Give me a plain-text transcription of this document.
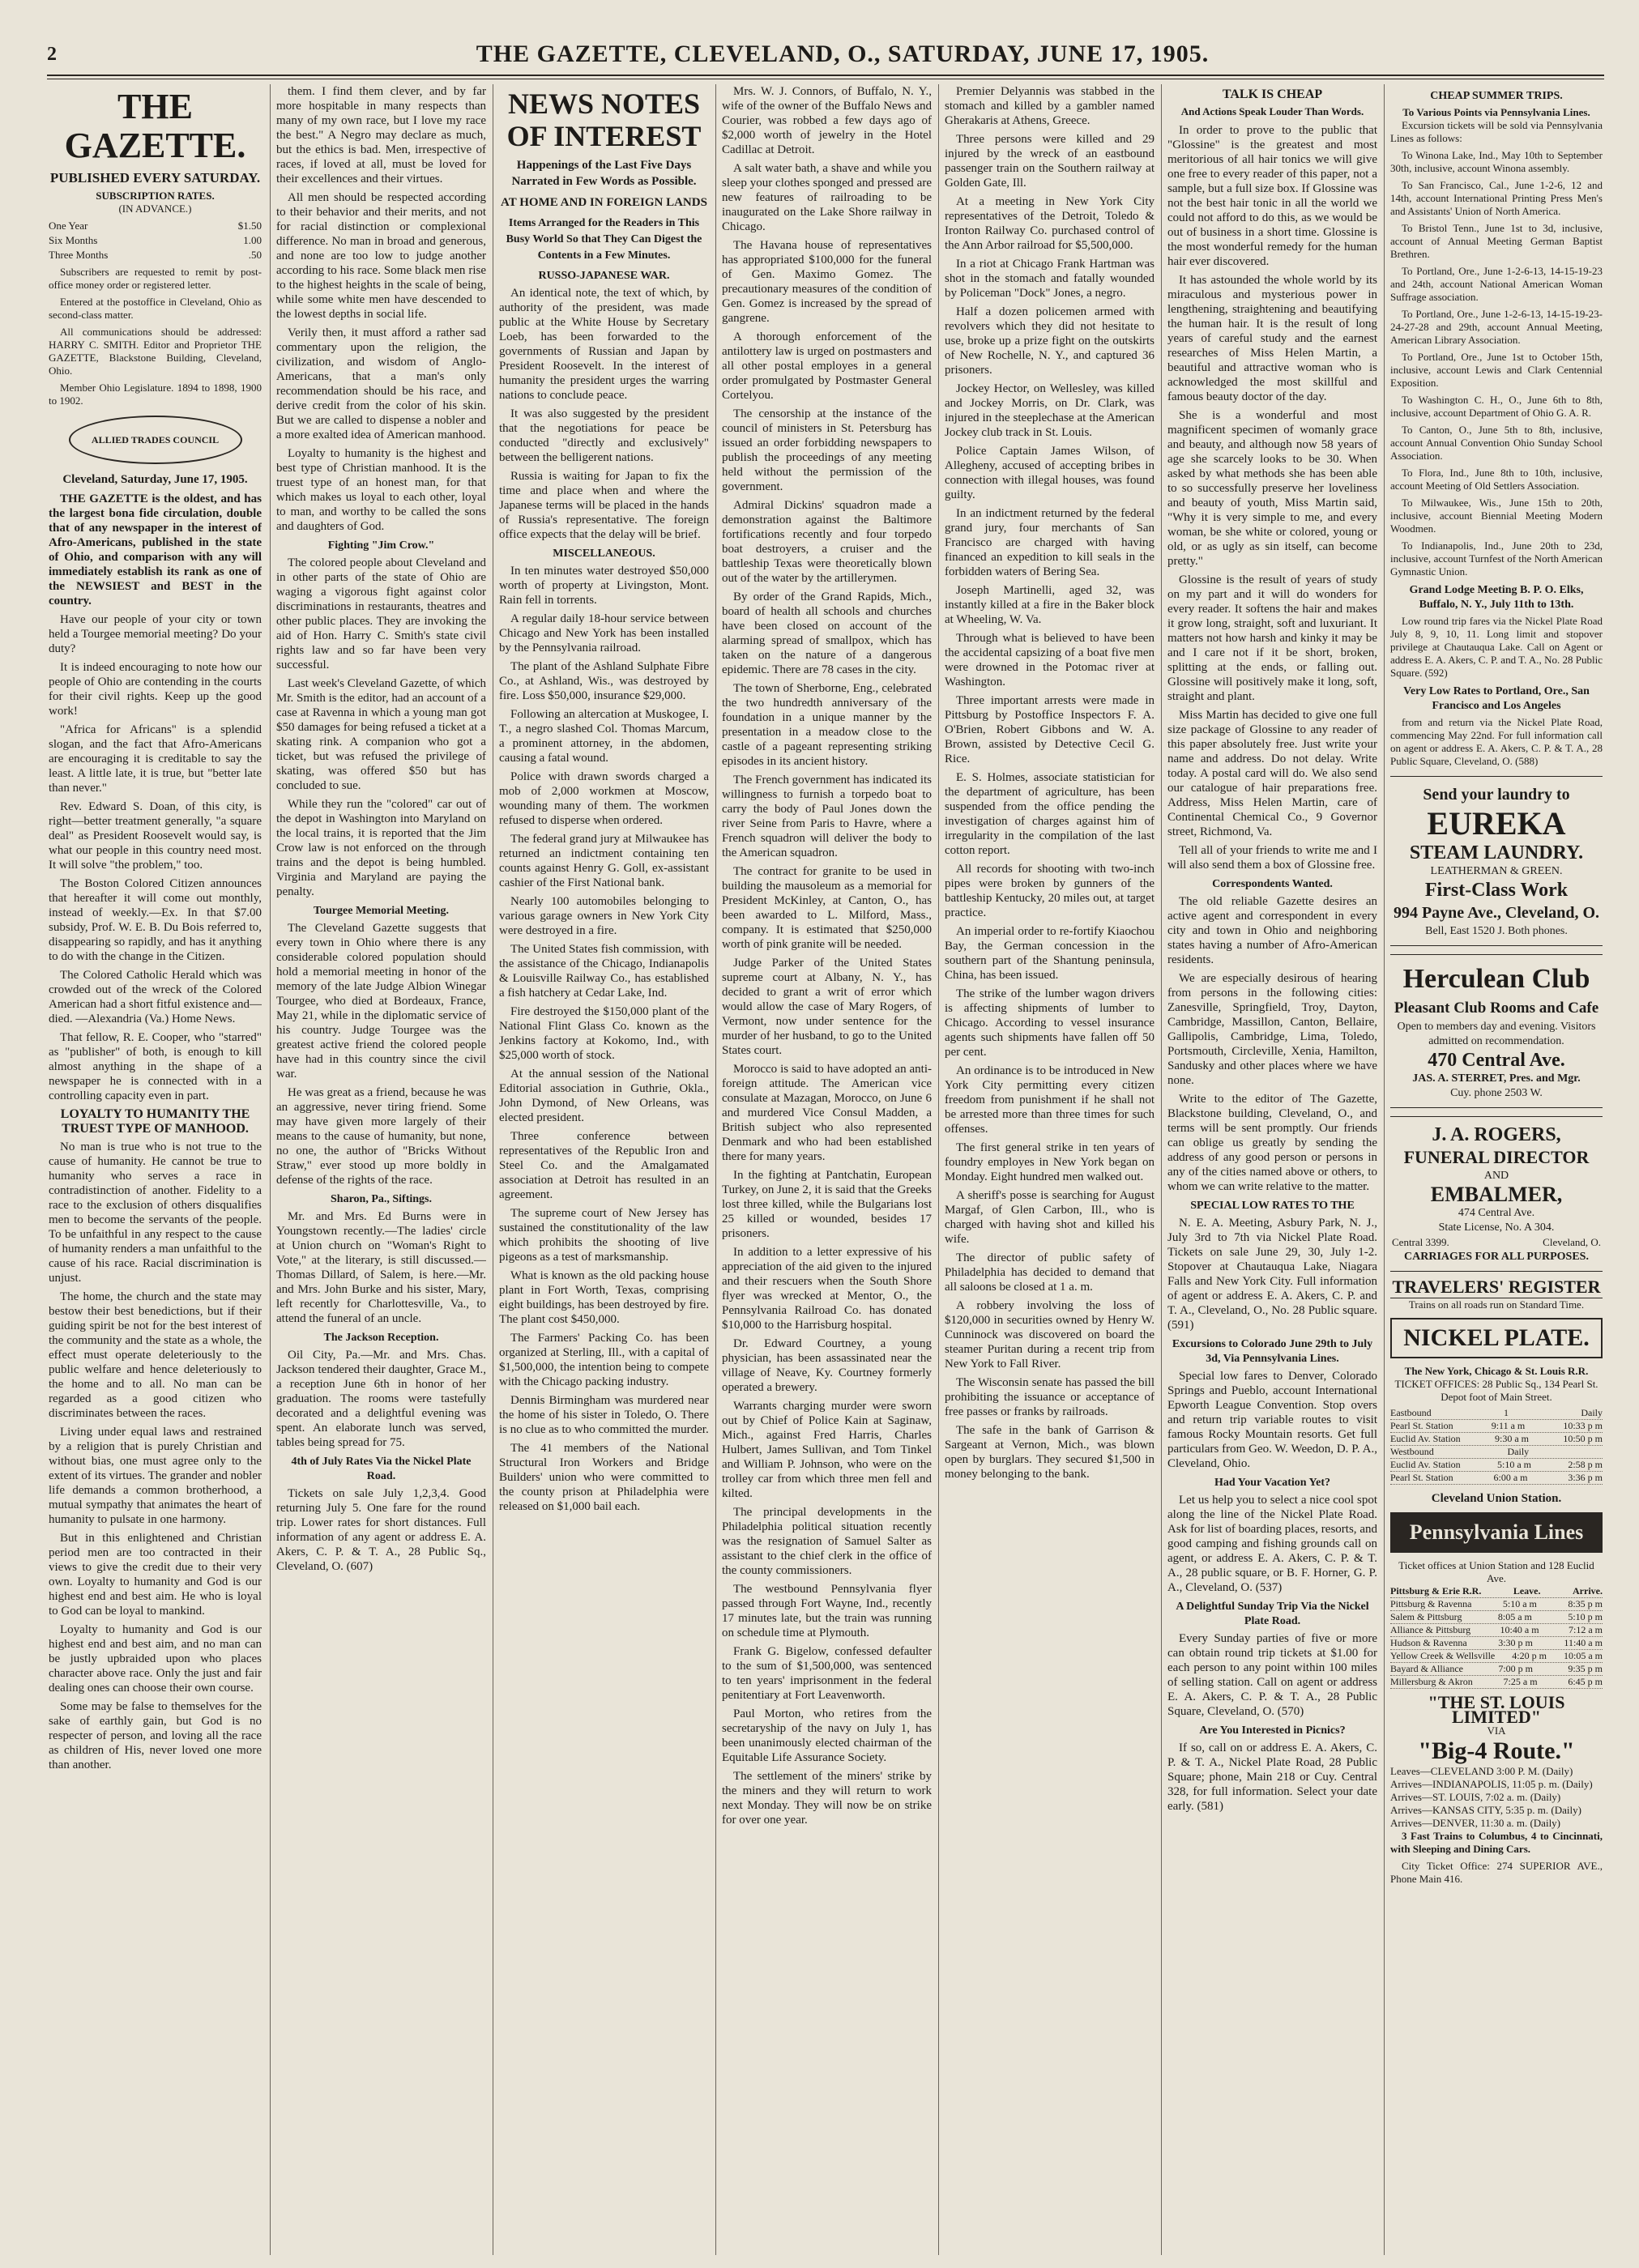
2	THE GAZETTE, CLEVELAND, O., SATURDAY, JUNE 17, 1905.
THE GAZETTE.
PUBLISHED EVERY SATURDAY.
SUBSCRIPTION RATES.
(IN ADVANCE.)
One Year	$1.50
Six Months	1.00
Three Months	.50

Subscribers are requested to remit by post-office money order or registered letter.

Entered at the postoffice in Cleveland, Ohio as second-class matter.

All communications should be addressed: HARRY C. SMITH. Editor and Proprietor THE GAZETTE, Blackstone Building, Cleveland, Ohio.

Member Ohio Legislature. 1894 to 1898, 1900 to 1902.

ALLIED TRADES COUNCIL
Cleveland, Saturday, June 17, 1905.

THE GAZETTE is the oldest, and has the largest bona fide circulation, double that of any newspaper in the interest of Afro-Americans, published in the state of Ohio, and comparison with any will immediately establish its rank as one of the NEWSIEST and BEST in the country.

Have our people of your city or town held a Tourgee memorial meeting? Do your duty?

It is indeed encouraging to note how our people of Ohio are contending in the courts for their civil rights. Keep up the good work!

"Africa for Africans" is a splendid slogan, and the fact that Afro-Americans are encouraging it is creditable to say the least. A little late, it is true, but "better late than never."

Rev. Edward S. Doan, of this city, is right—better treatment generally, "a square deal" as President Roosevelt would say, is what our people in this country need most. It will solve "the problem," too.

The Boston Colored Citizen announces that hereafter it will come out monthly, instead of weekly.—Ex. In that $7.00 subsidy, Prof. W. E. B. Du Bois referred to, disappearing so rapidly, and has it anything to do with the change in the Citizen.

The Colored Catholic Herald which was crowded out of the wreck of the Colored American had a short fitful existence and—died. —Alexandria (Va.) Home News.

That fellow, R. E. Cooper, who "starred" as "publisher" of both, is enough to kill almost anything in the shape of a newspaper he is connected with in a controlling capacity even in part.

LOYALTY TO HUMANITY THE TRUEST TYPE OF MANHOOD.

No man is true who is not true to the cause of humanity. He cannot be true to humanity who serves a race in contradistinction of another. Fidelity to a race to the exclusion of others disqualifies men to become the servants of the people. To be unfaithful in any respect to the cause of humanity renders a man unfaithful to the cause of his race. Racial discrimination is unjust.

The home, the church and the state may bestow their best benedictions, but if their guiding spirit be not for the best interest of the community and the state as a whole, the effect must operate deleteriously to the public welfare and hence deleteriously to the home and to all. No man can be regarded as a good citizen who discriminates between the races.

Living under equal laws and restrained by a religion that is purely Christian and without bias, one must agree only to the extent of its virtues. The grander and nobler life demands a common brotherhood, a mutual sympathy that animates the heart of humanity to pulsate in one harmony.

But in this enlightened and Christian period men are too contracted in their views to give the credit due to their very own. Loyalty to humanity and God is our highest end and best aim. He who is loyal to God can be loyal to mankind.

Loyalty to humanity and God is our highest end and best aim, and no man can be justly upbraided upon who places character above race. Only the just and fair dealing ones can choose their own course.

Some may be false to themselves for the sake of earthly gain, but God is no respecter of person, and loving all the race as children of His, never loved one more than another.

them. I find them clever, and by far more hospitable in many respects than many of my own race, but I love my race the best." A Negro may declare as much, but the ethics is bad. Men, irrespective of races, if loved at all, must be loved for their excellences and their virtues.

All men should be respected according to their behavior and their merits, and not for racial distinction or complexional difference. No man in broad and generous, and none are too low to judge another according to his race. Some black men rise to the highest heights in the scale of being, while some white men have descended to the lowest depths in social life.

Verily then, it must afford a rather sad commentary upon the religion, the civilization, and wisdom of Anglo-Americans, that a man's only recommendation should be his race, and derive credit from the color of his skin. But we are called to dispense a nobler and a more exalted idea of American manhood.

Loyalty to humanity is the highest and best type of Christian manhood. It is the truest type of an honest man, for that which makes us loyal to each other, loyal to man, and worthy to be called the sons and daughters of God.

Fighting "Jim Crow."

The colored people about Cleveland and in other parts of the state of Ohio are waging a vigorous fight against color discriminations in restaurants, theatres and other public places. They are invoking the aid of Hon. Harry C. Smith's state civil rights law and so far have been very successful.

Last week's Cleveland Gazette, of which Mr. Smith is the editor, had an account of a case at Ravenna in which a young man got $50 damages for being refused a ticket at a skating rink. A companion who got a ticket, but was refused the privilege of skating, was offered $50 but has concluded to sue.

While they run the "colored" car out of the depot in Washington into Maryland on the local trains, it is reported that the Jim Crow law is not enforced on the through trains and the depot is being humbled. Virginia and Maryland are paying the penalty.

Tourgee Memorial Meeting.

The Cleveland Gazette suggests that every town in Ohio where there is any considerable colored population should hold a memorial meeting in honor of the memory of the late Judge Albion Winegar Tourgee, who died at Bordeaux, France, May 21, while in the diplomatic service of his country. Judge Tourgee was the greatest active friend the colored people have had in this country since the civil war.

He was great as a friend, because he was an aggressive, never tiring friend. Some may have given more largely of their means to the cause of humanity, but none, no one, the author of "Bricks Without Straw," ever stood up more boldly in defense of the rights of the race.

Sharon, Pa., Siftings.

Mr. and Mrs. Ed Burns were in Youngstown recently.—The ladies' circle at Union church on "Woman's Right to Vote," at the literary, is still discussed.—Thomas Dillard, of Salem, is here.—Mr. and Mrs. John Burke and his sister, Mary, left recently for Charlottesville, Va., to attend the funeral of an uncle.

The Jackson Reception.

Oil City, Pa.—Mr. and Mrs. Chas. Jackson tendered their daughter, Grace M., a reception June 6th in honor of her graduation. The rooms were tastefully decorated and a delightful evening was spent. An elaborate lunch was served, tables being spread for 75.

4th of July Rates Via the Nickel Plate Road.

Tickets on sale July 1,2,3,4. Good returning July 5. One fare for the round trip. Lower rates for short distances. Full information of any agent or address E. A. Akers, C. P. & T. A., 28 Public Sq., Cleveland, O. (607)

NEWS NOTES OF INTEREST
Happenings of the Last Five Days Narrated in Few Words as Possible.
AT HOME AND IN FOREIGN LANDS
Items Arranged for the Readers in This Busy World So that They Can Digest the Contents in a Few Minutes.
RUSSO-JAPANESE WAR.

An identical note, the text of which, by authority of the president, was made public at the White House by Secretary Loeb, has been forwarded to the governments of Russian and Japan by President Roosevelt. In the interest of humanity the president urges the warring nations to conclude peace.

It was also suggested by the president that the negotiations for peace be conducted "directly and exclusively" between the belligerent nations.

Russia is waiting for Japan to fix the time and place when and where the Japanese terms will be placed in the hands of Russia's representative. The foreign office expects that the delay will be brief.

MISCELLANEOUS.

In ten minutes water destroyed $50,000 worth of property at Livingston, Mont. Rain fell in torrents.

A regular daily 18-hour service between Chicago and New York has been installed by the Pennsylvania railroad.

The plant of the Ashland Sulphate Fibre Co., at Ashland, Wis., was destroyed by fire. Loss $50,000, insurance $29,000.

Following an altercation at Muskogee, I. T., a negro slashed Col. Thomas Marcum, a prominent attorney, in the abdomen, causing a fatal wound.

Police with drawn swords charged a mob of 2,000 workmen at Moscow, wounding many of them. The workmen refused to disperse when ordered.

The federal grand jury at Milwaukee has returned an indictment containing ten counts against Henry G. Goll, ex-assistant cashier of the First National bank.

Nearly 100 automobiles belonging to various garage owners in New York City were destroyed in a fire.

The United States fish commission, with the assistance of the Chicago, Indianapolis & Louisville Railway Co., has established a fish hatchery at Cedar Lake, Ind.

Fire destroyed the $150,000 plant of the National Flint Glass Co. known as the Jenkins factory at Kokomo, Ind., with $25,000 worth of stock.

At the annual session of the National Editorial association in Guthrie, Okla., John Dymond, of New Orleans, was elected president.

Three conference between representatives of the Republic Iron and Steel Co. and the Amalgamated association at Detroit has resulted in an agreement.

The supreme court of New Jersey has sustained the constitutionality of the law which prohibits the shooting of live pigeons as a test of marksmanship.

What is known as the old packing house plant in Fort Worth, Texas, comprising eight buildings, has been destroyed by fire. The plant cost $450,000.

The Farmers' Packing Co. has been organized at Sterling, Ill., with a capital of $1,500,000, the intention being to compete with the Chicago packing industry.

Dennis Birmingham was murdered near the home of his sister in Toledo, O. There is no clue as to who committed the murder.

The 41 members of the National Structural Iron Workers and Bridge Builders' union who were committed to the county prison at Philadelphia were released on $1,000 bail each.

Mrs. W. J. Connors, of Buffalo, N. Y., wife of the owner of the Buffalo News and Courier, was robbed a few days ago of $2,000 worth of jewelry in the Hotel Cadillac at Detroit.

A salt water bath, a shave and while you sleep your clothes sponged and pressed are new features of railroading to be inaugurated on the Lake Shore railway in Chicago.

The Havana house of representatives has appropriated $100,000 for the funeral of Gen. Maximo Gomez. The precautionary measures of the condition of Gen. Gomez is increased by the spread of gangrene.

A thorough enforcement of the antilottery law is urged on postmasters and all other postal employes in a general order promulgated by Postmaster General Cortelyou.

The censorship at the instance of the council of ministers in St. Petersburg has issued an order forbidding newspapers to publish the proceedings of any meeting held without the permission of the government.

Admiral Dickins' squadron made a demonstration against the Baltimore fortifications recently and four torpedo boat destroyers, a cruiser and the battleship Texas were theoretically blown out of the water by the artillerymen.

By order of the Grand Rapids, Mich., board of health all schools and churches have been closed on account of the alarming spread of smallpox, which has taken on the nature of a dangerous epidemic. There are 78 cases in the city.

The town of Sherborne, Eng., celebrated the two hundredth anniversary of the foundation in a unique manner by the presentation in a meadow close to the castle of a pageant representing striking episodes in its ancient history.

The French government has indicated its willingness to furnish a torpedo boat to carry the body of Paul Jones down the river Seine from Paris to Havre, where a French squadron will deliver the body to the American squadron.

The contract for granite to be used in building the mausoleum as a memorial for President McKinley, at Canton, O., has been awarded to L. Milford, Mass., company. It is estimated that $250,000 worth of pink granite will be needed.

Judge Parker of the United States supreme court at Albany, N. Y., has decided to grant a writ of error which would allow the case of Mary Rogers, of Vermont, now under sentence for the murder of her husband, to go to the United States court.

Morocco is said to have adopted an anti-foreign attitude. The American vice consulate at Mazagan, Morocco, on June 6 and murdered Vice Consul Madden, a British subject who also represented Denmark and who had been established there for many years.

In the fighting at Pantchatin, European Turkey, on June 2, it is said that the Greeks lost three killed, while the Bulgarians lost 25 killed or wounded, besides 17 prisoners.

In addition to a letter expressive of his appreciation of the aid given to the injured and their rescuers when the South Shore flyer was wrecked at Mentor, O., the Pennsylvania Railroad Co. has donated $10,000 to the Harrisburg hospital.

Dr. Edward Courtney, a young physician, has been assassinated near the village of Neave, Ky. Courtney formerly operated a brewery.

Warrants charging murder were sworn out by Chief of Police Kain at Saginaw, Mich., against Fred Harris, Charles Hulbert, James Sullivan, and Tom Tinkel and William P. Johnson, who were on the trolley car from which three men fell and kilted.

The principal developments in the Philadelphia political situation recently was the resignation of Samuel Salter as assistant to the chief clerk in the office of the county commissioners.

The westbound Pennsylvania flyer passed through Fort Wayne, Ind., recently 17 minutes late, but the train was running on schedule time at Plymouth.

Frank G. Bigelow, confessed defaulter to the sum of $1,500,000, was sentenced to ten years' imprisonment in the federal penitentiary at Fort Leavenworth.

Paul Morton, who retires from the secretaryship of the navy on July 1, has been unanimously elected chairman of the Equitable Life Assurance Society.

The settlement of the miners' strike by the miners and they will return to work next Monday. They will now be on strike for over one year.

Premier Delyannis was stabbed in the stomach and killed by a gambler named Gherakaris at Athens, Greece.

Three persons were killed and 29 injured by the wreck of an eastbound passenger train on the Southern railway at Golden Gate, Ill.

At a meeting in New York City representatives of the Detroit, Toledo & Ironton Railway Co. purchased control of the Ann Arbor railroad for $5,500,000.

In a riot at Chicago Frank Hartman was shot in the stomach and fatally wounded by Policeman "Dock" Jones, a negro.

Half a dozen policemen armed with revolvers which they did not hesitate to use, broke up a prize fight on the outskirts of New Rochelle, N. Y., and captured 36 prisoners.

Jockey Hector, on Wellesley, was killed and Jockey Morris, on Dr. Clark, was injured in the steeplechase at the American Jockey club track in St. Louis.

Police Captain James Wilson, of Allegheny, accused of accepting bribes in connection with illegal houses, was found guilty.

In an indictment returned by the federal grand jury, four merchants of San Francisco are charged with having financed an expedition to kill seals in the forbidden waters of Bering Sea.

Joseph Martinelli, aged 32, was instantly killed at a fire in the Baker block at Wheeling, W. Va.

Through what is believed to have been the accidental capsizing of a boat five men were drowned in the Potomac river at Washington.

Three important arrests were made in Pittsburg by Postoffice Inspectors F. A. O'Brien, Robert Gibbons and W. A. Brown, assisted by Detective Cecil G. Rice.

E. S. Holmes, associate statistician for the department of agriculture, has been suspended from the office pending the investigation of charges against him of irregularity in the compilation of the last cotton report.

All records for shooting with two-inch pipes were broken by gunners of the battleship Kentucky, 20 miles out, at target practice.

An imperial order to re-fortify Kiaochou Bay, the German concession in the southern part of the Shantung peninsula, China, has been issued.

The strike of the lumber wagon drivers is affecting shipments of lumber to Chicago. According to vessel insurance agents such shipments have fallen off 50 per cent.

An ordinance is to be introduced in New York City permitting every citizen freedom from punishment if he shall not be arrested more than three times for such offenses.

The first general strike in ten years of foundry employes in New York began on Monday. Eight hundred men walked out.

A sheriff's posse is searching for August Margaf, of Glen Carbon, Ill., who is charged with having shot and killed his wife.

The director of public safety of Philadelphia has decided to demand that all saloons be closed at 1 a. m.

A robbery involving the loss of $120,000 in securities owned by Henry W. Cunninock was discovered on board the steamer Puritan during a recent trip from New York to Fall River.

The Wisconsin senate has passed the bill prohibiting the issuance or acceptance of free passes or franks by railroads.

The safe in the bank of Garrison & Sargeant at Vernon, Mich., was blown open by burglars. They secured $1,500 in money belonging to the bank.

TALK IS CHEAP
And Actions Speak Louder Than Words.

In order to prove to the public that "Glossine" is the greatest and most meritorious of all hair tonics we will give one free to every reader of this paper, not a sample, but a full size box. If Glossine was not the best hair tonic in all the world we could not afford to do this, as we would be out of business in a short time. Glossine is the most wonderful remedy for the human hair ever discovered.

It has astounded the whole world by its miraculous and mysterious power in lengthening, straightening and beautifying the human hair. It is the result of long years of careful study and the earnest researches of Miss Helen Martin, a beautiful and attractive woman who is acknowledged the most skillful and famous beauty doctor of the day.

She is a wonderful and most magnificent specimen of womanly grace and beauty, and although now 58 years of age she scarcely looks to be 30. When asked by what methods she has been able to so successfully preserve her loveliness and beauty of youth, Miss Martin said, "Why it is very simple to me, and every woman, be she white or colored, young or old, or as ugly as sin itself, can become pretty."

Glossine is the result of years of study on my part and it will do wonders for every reader. It softens the hair and makes it grow long, straight, soft and luxuriant. It matters not how harsh and kinky it may be and I care not if it be short, broken, splitting at the ends, or falling out. Glossine will positively make it long, soft, straight and plant.

Miss Martin has decided to give one full size package of Glossine to any reader of this paper absolutely free. Just write your name and address. Do not delay. Write today. A postal card will do. We also send our catalogue of hair preparations free. Address, Miss Helen Martin, care of Continental Chemical Co., 9 Governor street, Richmond, Va.

Tell all of your friends to write me and I will also send them a box of Glossine free.

Correspondents Wanted.

The old reliable Gazette desires an active agent and correspondent in every city and town in Ohio and neighboring states having a number of Afro-American residents.

We are especially desirous of hearing from persons in the following cities: Zanesville, Springfield, Troy, Dayton, Cambridge, Massillon, Canton, Bellaire, Gallipolis, Cambridge, Lima, Toledo, Portsmouth, Circleville, Xenia, Hamilton, Sandusky and other places where we have none.

Write to the editor of The Gazette, Blackstone building, Cleveland, O., and terms will be sent promptly. Our friends can oblige us greatly by sending the address of any good person or persons in any of the cities named above or others, to whom we can write relative to the matter.

SPECIAL LOW RATES TO THE

N. E. A. Meeting, Asbury Park, N. J., July 3rd to 7th via Nickel Plate Road. Tickets on sale June 29, 30, July 1-2. Stopover at Chautauqua Lake, Niagara Falls and New York City. Full information of agent or address E. A. Akers, C. P. and T. A., Cleveland, O., No. 28 Public square. (591)

Excursions to Colorado June 29th to July 3d, Via Pennsylvania Lines.

Special low fares to Denver, Colorado Springs and Pueblo, account International Epworth League Convention. Stop overs and return trip variable routes to visit famous Rocky Mountain resorts. Get full particulars from Geo. W. Weedon, D. P. A., Cleveland, Ohio.

Had Your Vacation Yet?

Let us help you to select a nice cool spot along the line of the Nickel Plate Road. Ask for list of boarding places, resorts, and good camping and fishing grounds call on agent, or address E. A. Akers, C. P. & T. A., 28 public square, or B. F. Horner, G. P. A., Cleveland, O. (537)

A Delightful Sunday Trip Via the Nickel Plate Road.

Every Sunday parties of five or more can obtain round trip tickets at $1.00 for each person to any point within 100 miles of selling station. Call on agent or address E. A. Akers, C. P. & T. A., 28 Public Square, Cleveland, O. (570)

Are You Interested in Picnics?

If so, call on or address E. A. Akers, C. P. & T. A., Nickel Plate Road, 28 Public Square; phone, Main 218 or Cuy. Central 328, for full information. Select your date early. (581)

CHEAP SUMMER TRIPS.
To Various Points via Pennsylvania Lines.

Excursion tickets will be sold via Pennsylvania Lines as follows:

To Winona Lake, Ind., May 10th to September 30th, inclusive, account Winona assembly.

To San Francisco, Cal., June 1-2-6, 12 and 14th, account International Printing Press Men's and Assistants' Union of North America.

To Bristol Tenn., June 1st to 3d, inclusive, account of Annual Meeting German Baptist Brethren.

To Portland, Ore., June 1-2-6-13, 14-15-19-23 and 24th, account National American Woman Suffrage association.

To Portland, Ore., June 1-2-6-13, 14-15-19-23-24-27-28 and 29th, account Annual Meeting, American Library Association.

To Portland, Ore., June 1st to October 15th, inclusive, account Lewis and Clark Centennial Exposition.

To Washington C. H., O., June 6th to 8th, inclusive, account Department of Ohio G. A. R.

To Canton, O., June 5th to 8th, inclusive, account Annual Convention Ohio Sunday School Association.

To Flora, Ind., June 8th to 10th, inclusive, account Meeting of Old Settlers Association.

To Milwaukee, Wis., June 15th to 20th, inclusive, account Biennial Meeting Modern Woodmen.

To Indianapolis, Ind., June 20th to 23d, inclusive, account Turnfest of the North American Gymnastic Union.

Grand Lodge Meeting B. P. O. Elks, Buffalo, N. Y., July 11th to 13th.

Low round trip fares via the Nickel Plate Road July 8, 9, 10, 11. Long limit and stopover privilege at Chautauqua Lake. Call on Agent or address E. A. Akers, C. P. and T. A., No. 28 Public Square. (592)

Very Low Rates to Portland, Ore., San Francisco and Los Angeles

from and return via the Nickel Plate Road, commencing May 22nd. For full information call on agent or address E. A. Akers, C. P. & T. A., 28 Public Square, Cleveland, O. (588)

Send your laundry to
EUREKA
STEAM LAUNDRY.
LEATHERMAN & GREEN.
First-Class Work
994 Payne Ave., Cleveland, O.
Bell, East 1520 J. Both phones.
Herculean Club
Pleasant Club Rooms and Cafe
Open to members day and evening. Visitors admitted on recommendation.
470 Central Ave.
JAS. A. STERRET, Pres. and Mgr.
Cuy. phone 2503 W.
J. A. ROGERS,
FUNERAL DIRECTOR
AND
EMBALMER,
474 Central Ave.
State License, No. A 304.
Central 3399.	Cleveland, O.
CARRIAGES FOR ALL PURPOSES.
TRAVELERS' REGISTER
Trains on all roads run on Standard Time.
NICKEL PLATE.
The New York, Chicago & St. Louis R.R.
TICKET OFFICES: 28 Public Sq., 134 Pearl St. Depot foot of Main Street.
Eastbound	1	Daily
Pearl St. Station	9:11 a m	10:33 p m
Euclid Av. Station	9:30 a m	10:50 p m
Westbound	Daily
Euclid Av. Station	5:10 a m	2:58 p m
Pearl St. Station	6:00 a m	3:36 p m
Cleveland Union Station.
Pennsylvania Lines
Ticket offices at Union Station and 128 Euclid Ave.
Pittsburg & Erie R.R.	Leave.	Arrive.
Pittsburg & Ravenna	5:10 a m	8:35 p m
Salem & Pittsburg	8:05 a m	5:10 p m
Alliance & Pittsburg	10:40 a m	7:12 a m
Hudson & Ravenna	3:30 p m	11:40 a m
Yellow Creek & Wellsville 4:20 p m 10:05 a m
Bayard & Alliance	7:00 p m	9:35 p m
Millersburg & Akron	7:25 a m	6:45 p m
"THE ST. LOUIS LIMITED"
VIA
"Big-4 Route."
Leaves—CLEVELAND 3:00 P. M. (Daily)
Arrives—INDIANAPOLIS, 11:05 p. m. (Daily)
Arrives—ST. LOUIS, 7:02 a. m. (Daily)
Arrives—KANSAS CITY, 5:35 p. m. (Daily)
Arrives—DENVER, 11:30 a. m. (Daily)

3 Fast Trains to Columbus, 4 to Cincinnati, with Sleeping and Dining Cars.

City Ticket Office: 274 SUPERIOR AVE., Phone Main 416.
